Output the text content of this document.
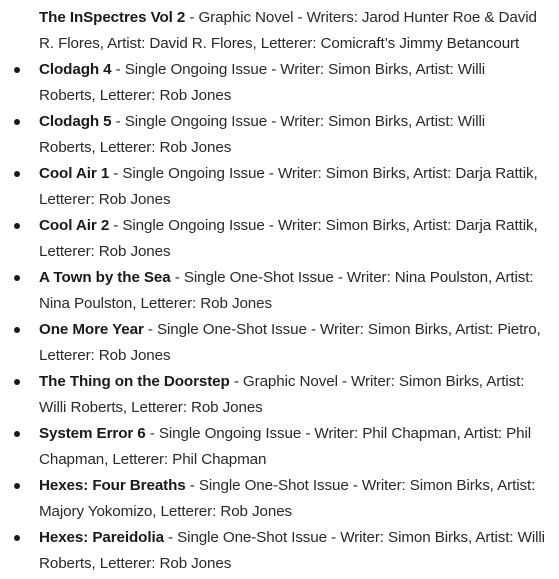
The InSpectres Vol 2 - Graphic Novel - Writers: Jarod Hunter Roe & David R. Flores, Artist: David R. Flores, Letterer: Comicraft’s Jimmy Betancourt
Clodagh 4 - Single Ongoing Issue - Writer: Simon Birks, Artist: Willi Roberts, Letterer: Rob Jones
Clodagh 5 - Single Ongoing Issue - Writer: Simon Birks, Artist: Willi Roberts, Letterer: Rob Jones
Cool Air 1 - Single Ongoing Issue - Writer: Simon Birks, Artist: Darja Rattik, Letterer: Rob Jones
Cool Air 2 - Single Ongoing Issue - Writer: Simon Birks, Artist: Darja Rattik, Letterer: Rob Jones
A Town by the Sea - Single One-Shot Issue - Writer: Nina Poulston, Artist: Nina Poulston, Letterer: Rob Jones
One More Year - Single One-Shot Issue - Writer: Simon Birks, Artist: Pietro, Letterer: Rob Jones
The Thing on the Doorstep - Graphic Novel - Writer: Simon Birks, Artist: Willi Roberts, Letterer: Rob Jones
System Error 6 - Single Ongoing Issue - Writer: Phil Chapman, Artist: Phil Chapman, Letterer: Phil Chapman
Hexes: Four Breaths - Single One-Shot Issue - Writer: Simon Birks, Artist: Majory Yokomizo, Letterer: Rob Jones
Hexes: Pareidolia - Single One-Shot Issue - Writer: Simon Birks, Artist: Willi Roberts, Letterer: Rob Jones
